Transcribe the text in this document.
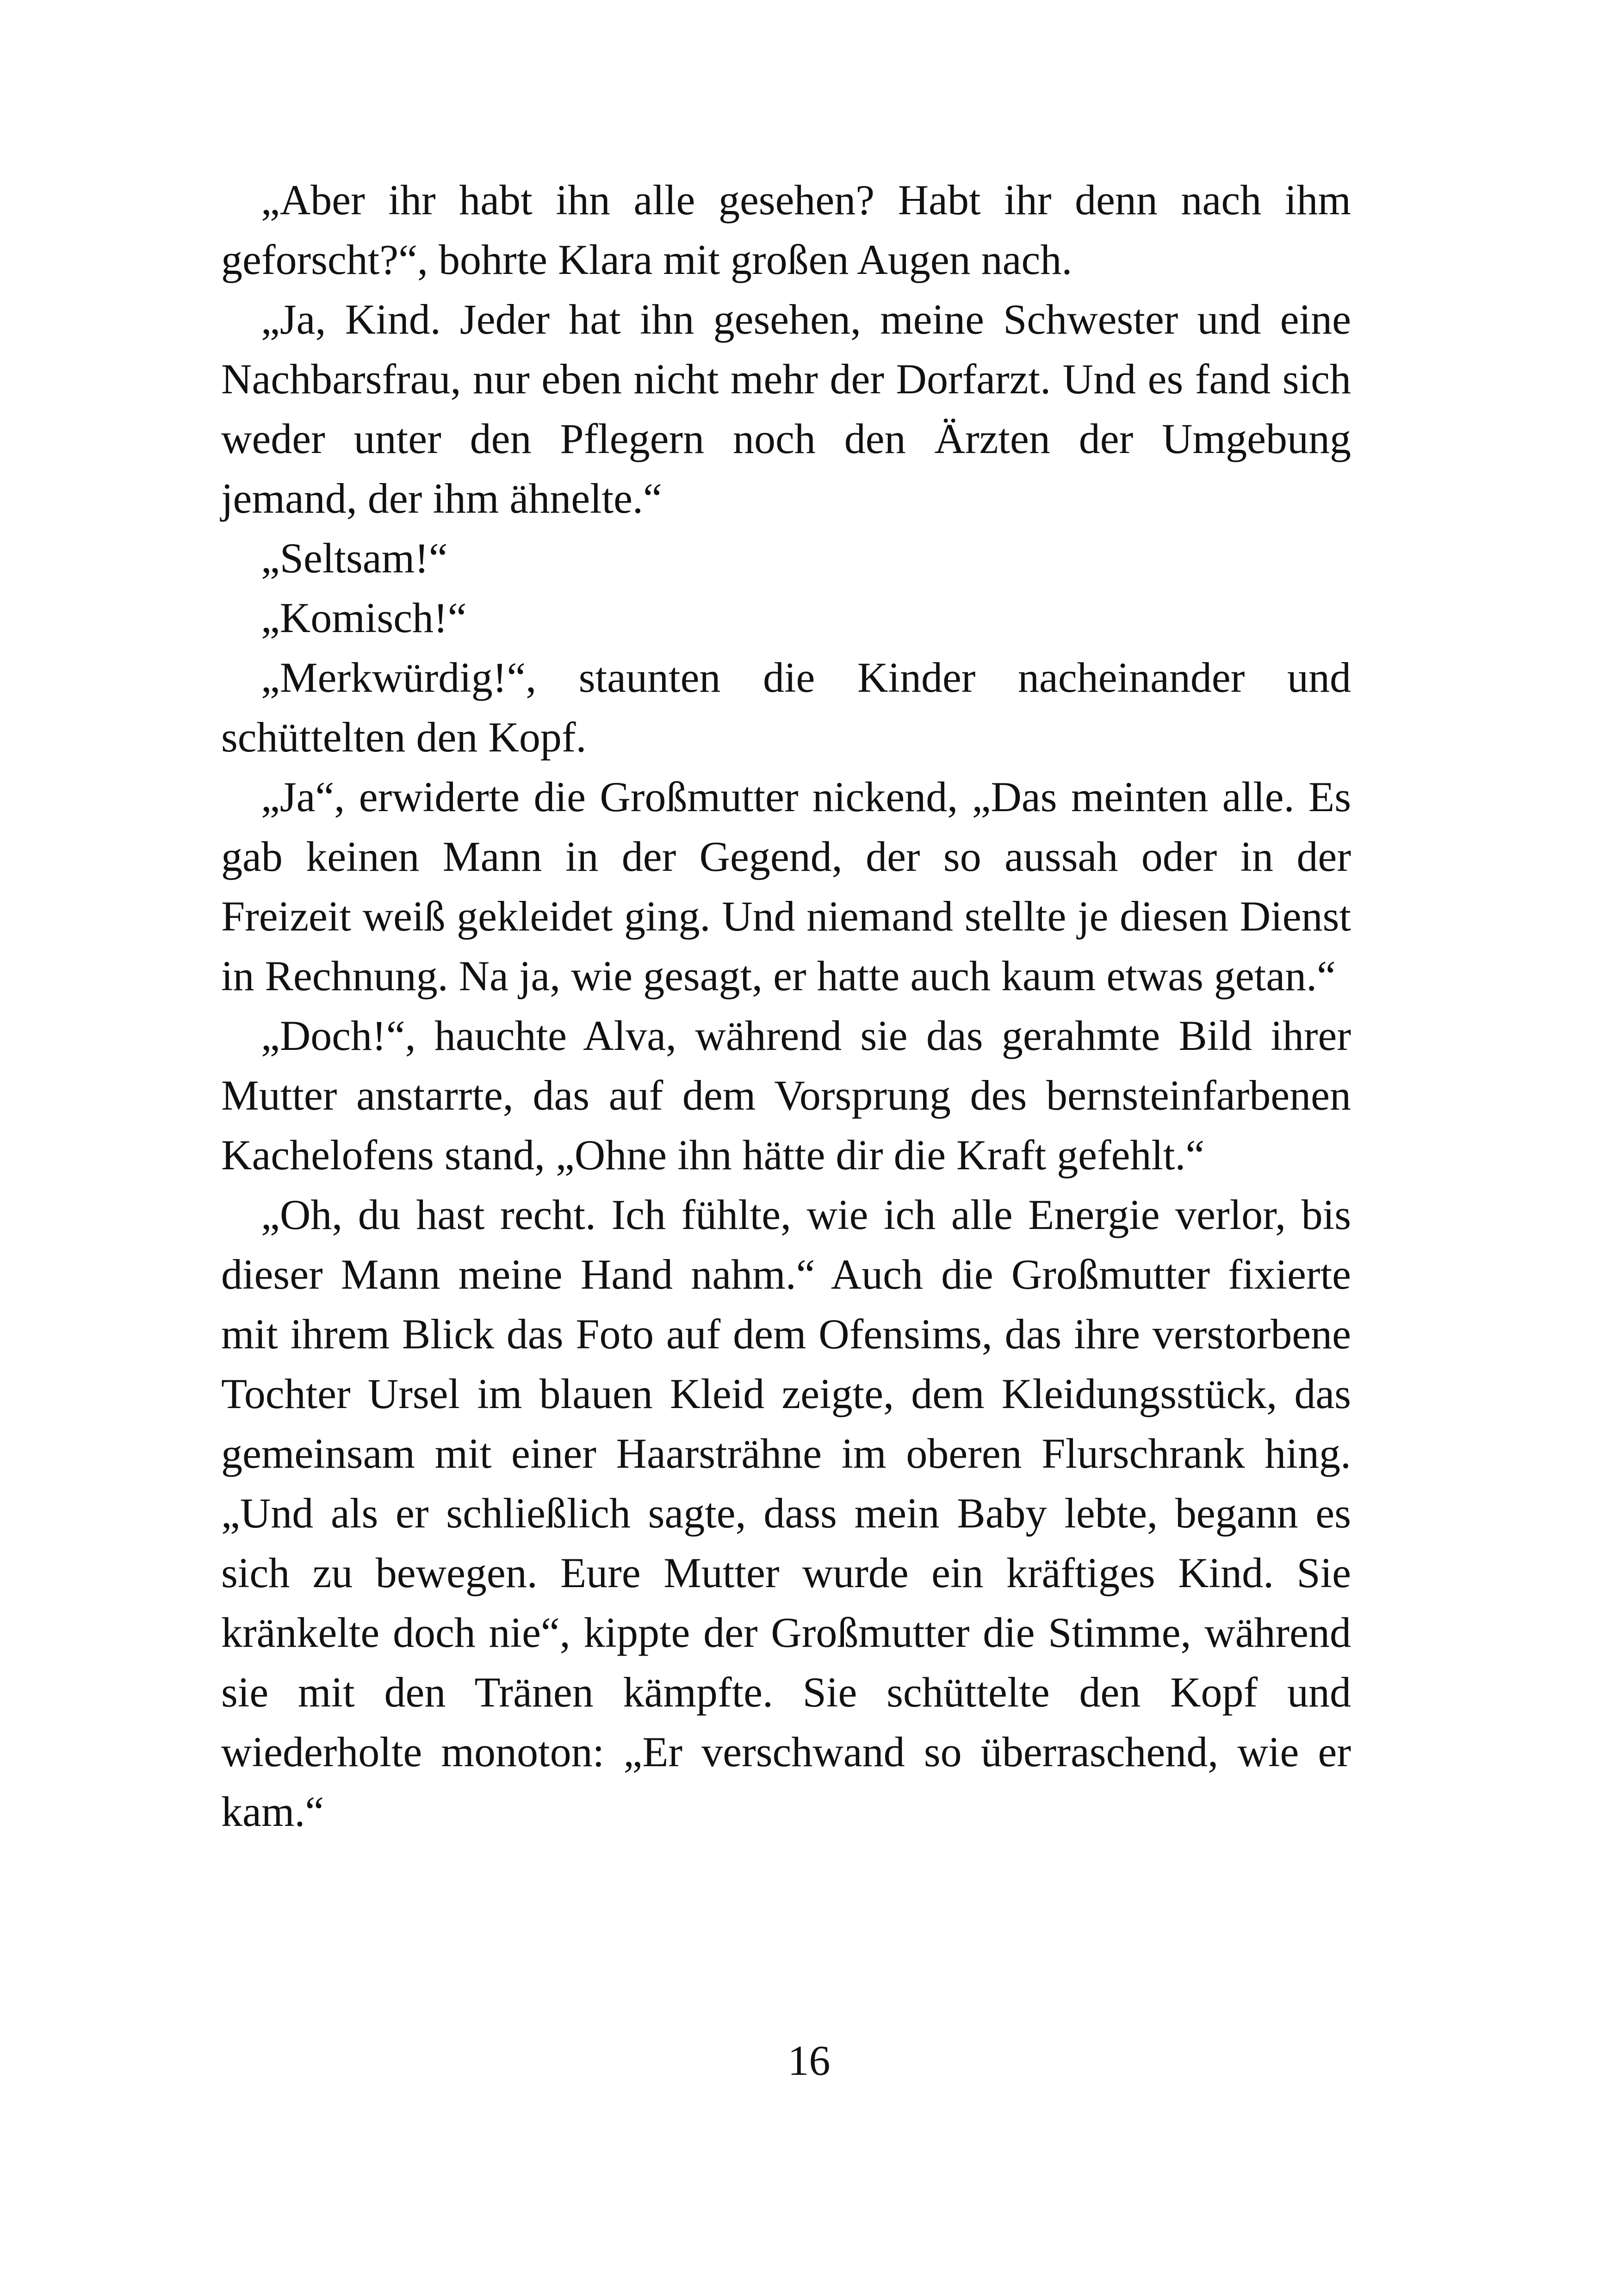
„Aber ihr habt ihn alle gesehen? Habt ihr denn nach ihm geforscht?“, bohrte Klara mit großen Augen nach.

„Ja, Kind. Jeder hat ihn gesehen, meine Schwester und eine Nachbarsfrau, nur eben nicht mehr der Dorfarzt. Und es fand sich weder unter den Pflegern noch den Ärzten der Umgebung jemand, der ihm ähnelte.“

„Seltsam!“

„Komisch!“

„Merkwürdig!“, staunten die Kinder nacheinander und schüttelten den Kopf.

„Ja“, erwiderte die Großmutter nickend, „Das meinten alle. Es gab keinen Mann in der Gegend, der so aussah oder in der Freizeit weiß gekleidet ging. Und niemand stellte je diesen Dienst in Rechnung. Na ja, wie gesagt, er hatte auch kaum etwas getan.“

„Doch!“, hauchte Alva, während sie das gerahmte Bild ihrer Mutter anstarrte, das auf dem Vorsprung des bernsteinfarbenen Kachelofens stand, „Ohne ihn hätte dir die Kraft gefehlt.“

„Oh, du hast recht. Ich fühlte, wie ich alle Energie verlor, bis dieser Mann meine Hand nahm.“ Auch die Großmutter fixierte mit ihrem Blick das Foto auf dem Ofensims, das ihre verstorbene Tochter Ursel im blauen Kleid zeigte, dem Kleidungsstück, das gemeinsam mit einer Haarsträhne im oberen Flurschrank hing. „Und als er schließlich sagte, dass mein Baby lebte, begann es sich zu bewegen. Eure Mutter wurde ein kräftiges Kind. Sie kränkelte doch nie“, kippte der Großmutter die Stimme, während sie mit den Tränen kämpfte. Sie schüttelte den Kopf und wiederholte monoton: „Er verschwand so überraschend, wie er kam.“

16
